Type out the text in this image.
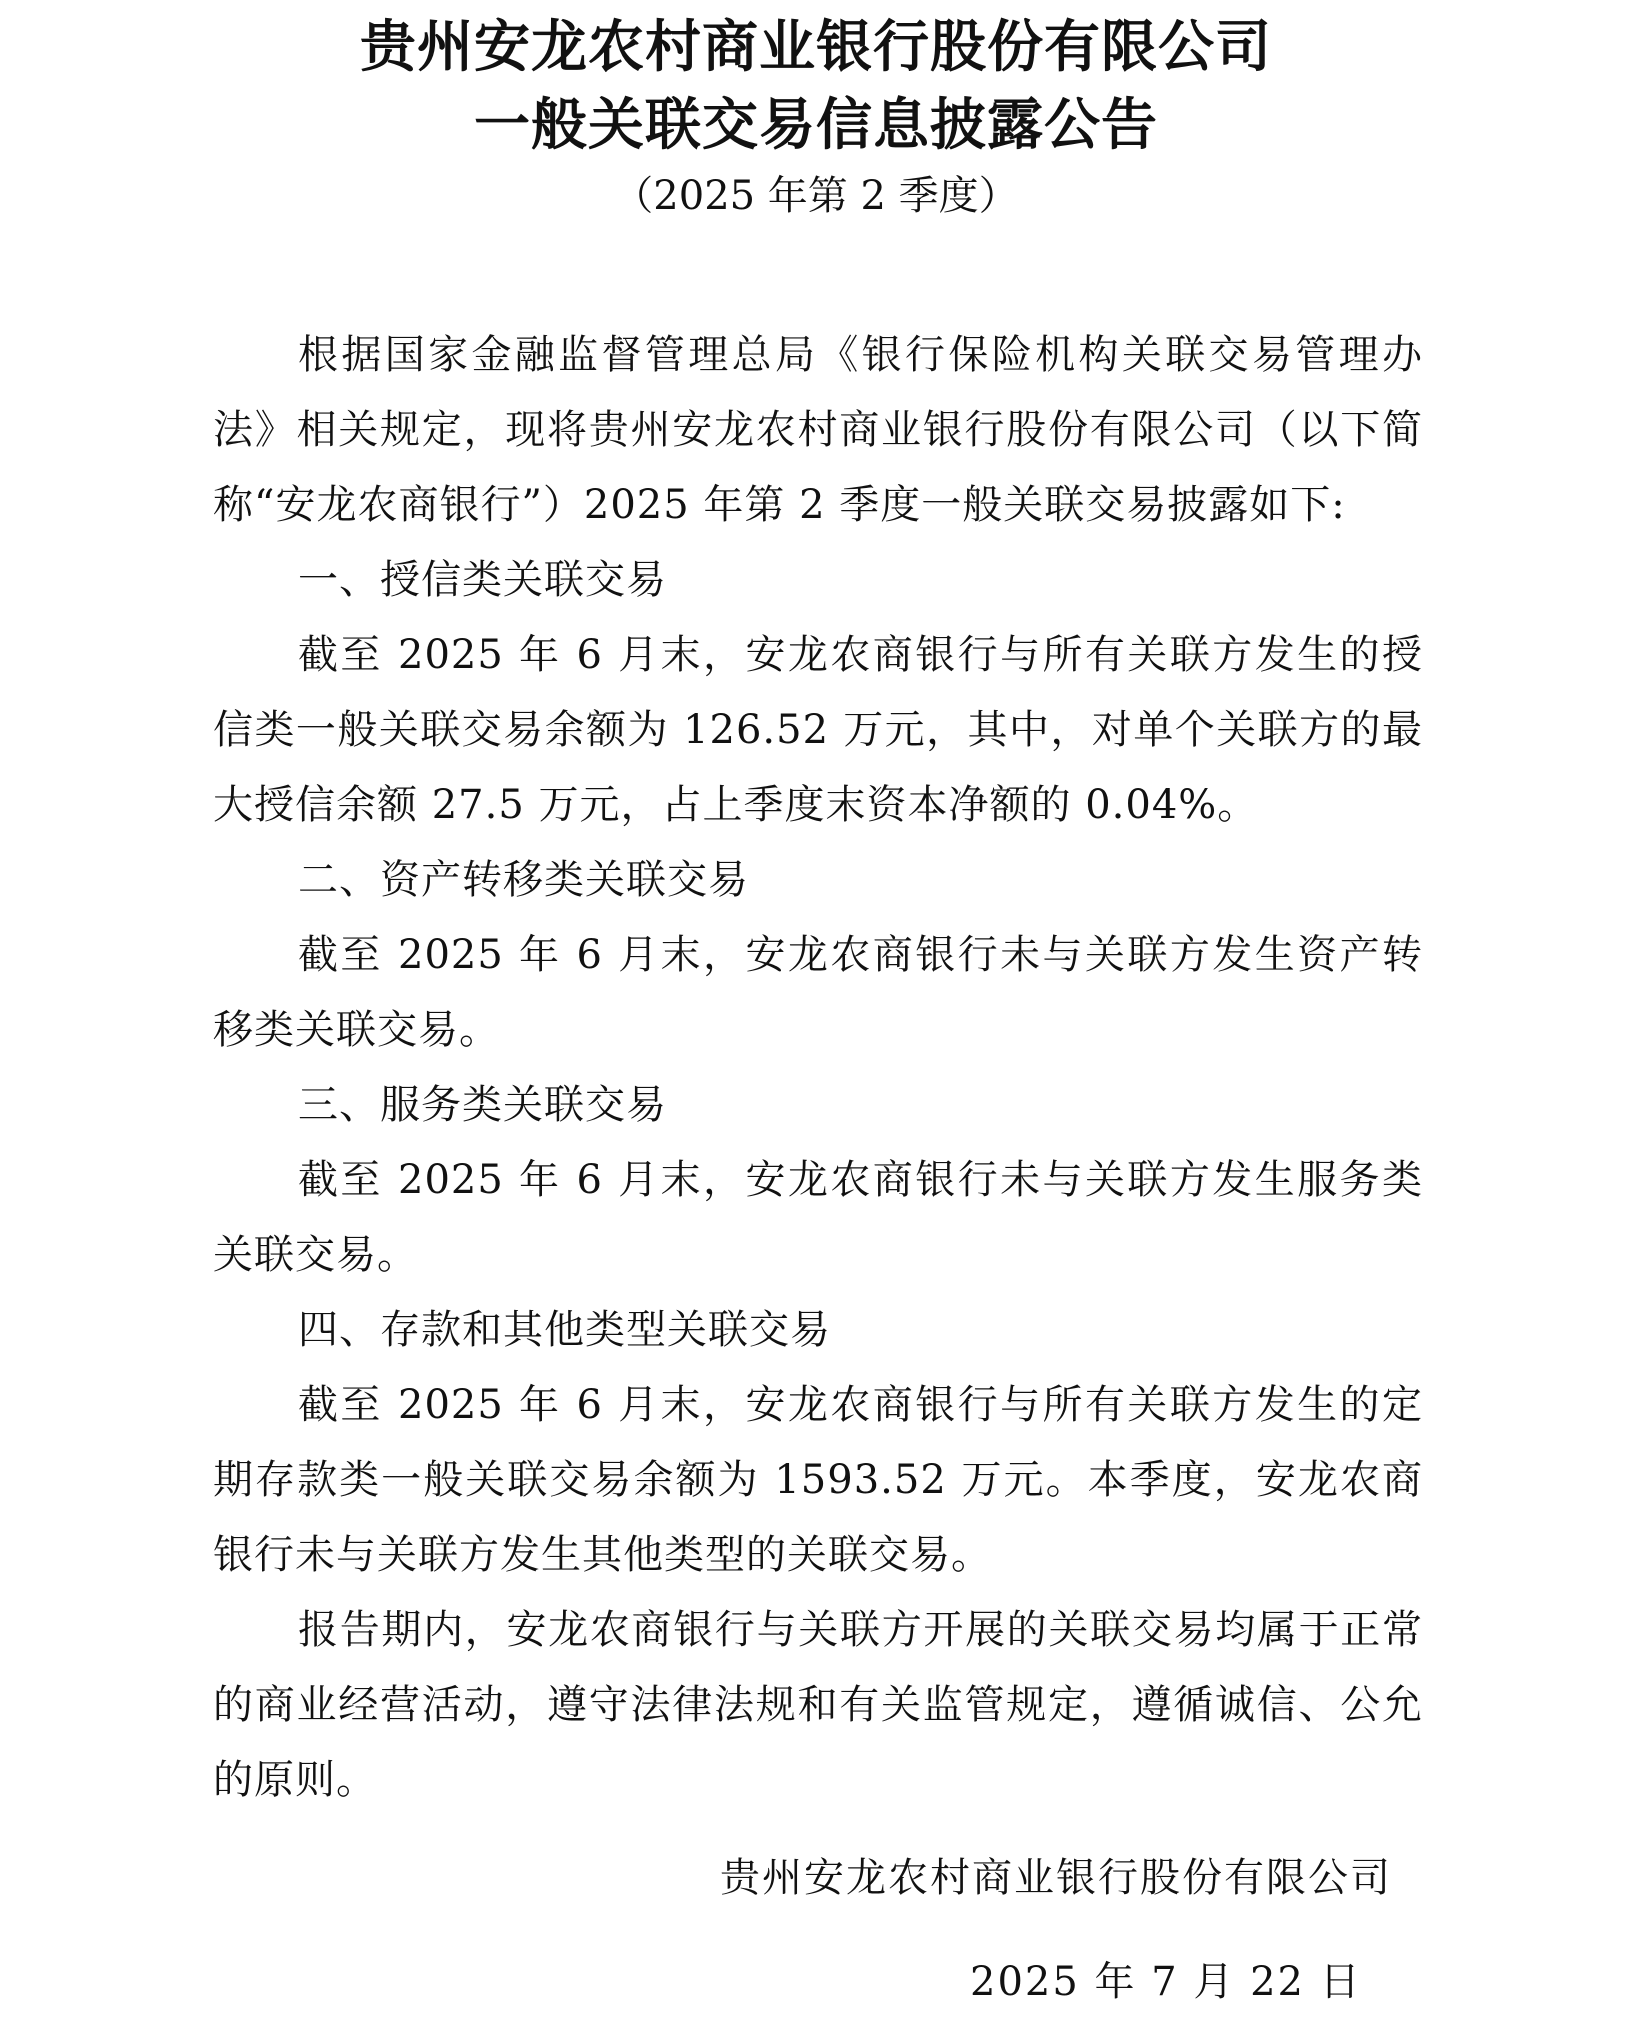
贵州安龙农村商业银行股份有限公司
一般关联交易信息披露公告

（2025 年第 2 季度）

根据国家金融监督管理总局《银行保险机构关联交易管理办法》相关规定，现将贵州安龙农村商业银行股份有限公司（以下简称“安龙农商银行”）2025 年第 2 季度一般关联交易披露如下:

一、授信类关联交易

截至 2025 年 6 月末，安龙农商银行与所有关联方发生的授信类一般关联交易余额为 126.52 万元，其中，对单个关联方的最大授信余额 27.5 万元，占上季度末资本净额的 0.04%。

二、资产转移类关联交易

截至 2025 年 6 月末，安龙农商银行未与关联方发生资产转移类关联交易。

三、服务类关联交易

截至 2025 年 6 月末，安龙农商银行未与关联方发生服务类关联交易。

四、存款和其他类型关联交易

截至 2025 年 6 月末，安龙农商银行与所有关联方发生的定期存款类一般关联交易余额为 1593.52 万元。本季度，安龙农商银行未与关联方发生其他类型的关联交易。

报告期内，安龙农商银行与关联方开展的关联交易均属于正常的商业经营活动，遵守法律法规和有关监管规定，遵循诚信、公允的原则。

贵州安龙农村商业银行股份有限公司

2025 年 7 月 22 日
